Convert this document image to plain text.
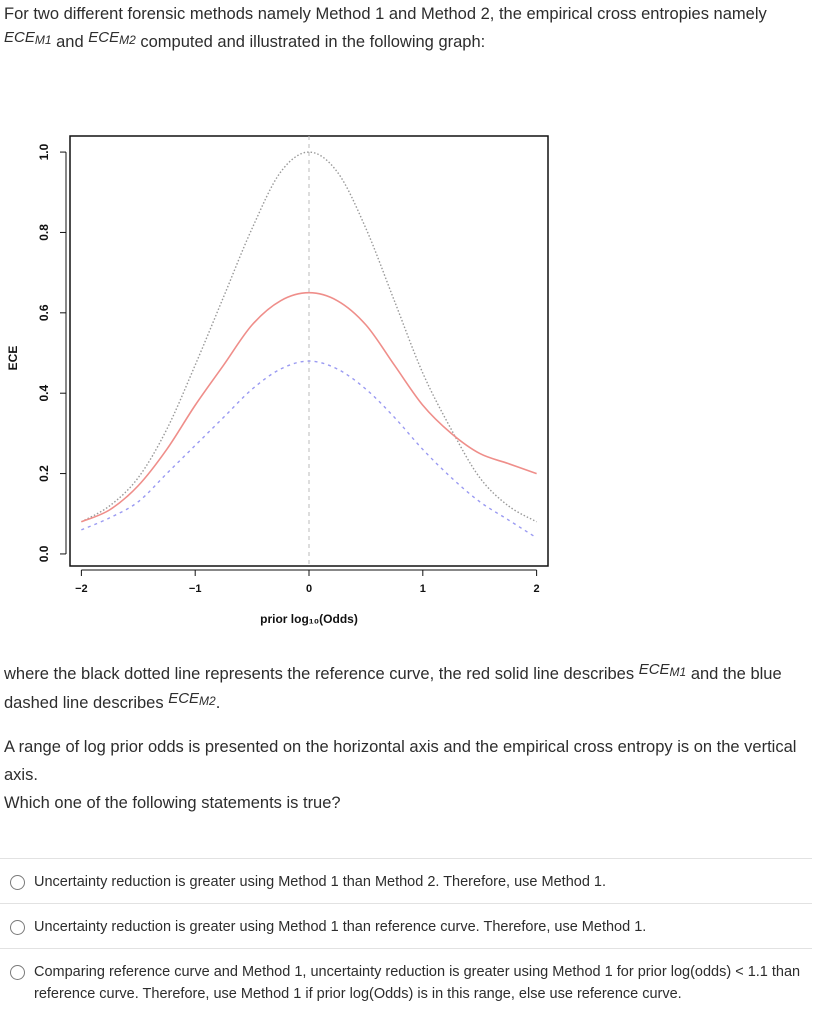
For two different forensic methods namely Method 1 and Method 2, the empirical cross entropies namely $ECE_{M1}$ and $ECE_{M2}$ computed and illustrated in the following graph:
0.0
0.2
0.4
0.6
0.8
1.0
−2	−1	0	1	2
ECE
prior log₁₀(Odds)
where the black dotted line represents the reference curve, the red solid line describes $ECE_{M1}$ and the blue dashed line describes $ECE_{M2}$.
A range of log prior odds is presented on the horizontal axis and the empirical cross entropy is on the vertical axis.
Which one of the following statements is true?
Uncertainty reduction is greater using Method 1 than Method 2. Therefore, use Method 1.
Uncertainty reduction is greater using Method 1 than reference curve. Therefore, use Method 1.
Comparing reference curve and Method 1, uncertainty reduction is greater using Method 1 for prior log(odds) < 1.1 than reference curve. Therefore, use Method 1 if prior log(Odds) is in this range, else use reference curve.
